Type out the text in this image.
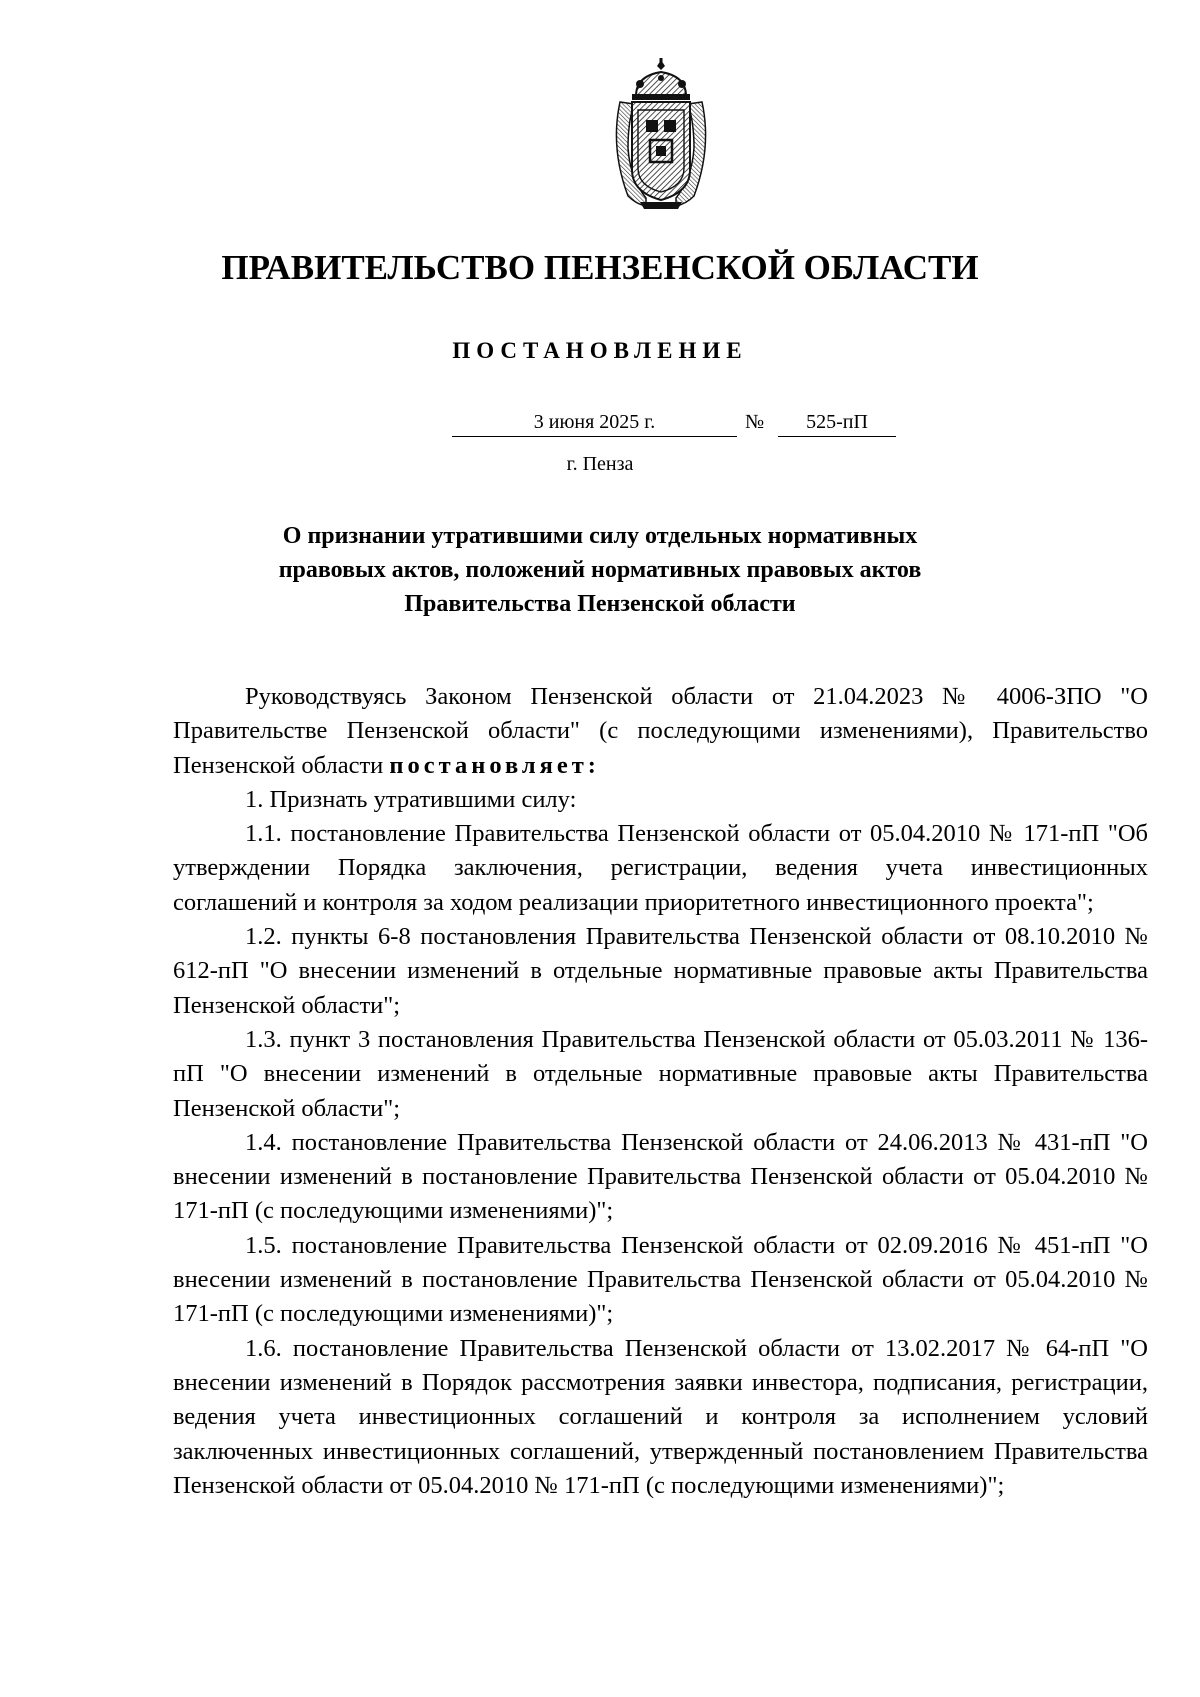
ПРАВИТЕЛЬСТВО ПЕНЗЕНСКОЙ ОБЛАСТИ
ПОСТАНОВЛЕНИЕ
3 июня 2025 г.	№	525-пП
г. Пенза
О признании утратившими силу отдельных нормативных
правовых актов, положений нормативных правовых актов
Правительства Пензенской области

Руководствуясь Законом Пензенской области от 21.04.2023 № 4006-ЗПО "О Правительстве Пензенской области" (с последующими изменениями), Правительство Пензенской области постановляет:

1. Признать утратившими силу:

1.1. постановление Правительства Пензенской области от 05.04.2010 № 171-пП "Об утверждении Порядка заключения, регистрации, ведения учета инвестиционных соглашений и контроля за ходом реализации приоритетного инвестиционного проекта";

1.2. пункты 6-8 постановления Правительства Пензенской области от 08.10.2010 № 612-пП "О внесении изменений в отдельные нормативные правовые акты Правительства Пензенской области";

1.3. пункт 3 постановления Правительства Пензенской области от 05.03.2011 № 136-пП "О внесении изменений в отдельные нормативные правовые акты Правительства Пензенской области";

1.4. постановление Правительства Пензенской области от 24.06.2013 № 431-пП "О внесении изменений в постановление Правительства Пензенской области от 05.04.2010 № 171-пП (с последующими изменениями)";

1.5. постановление Правительства Пензенской области от 02.09.2016 № 451-пП "О внесении изменений в постановление Правительства Пензенской области от 05.04.2010 № 171-пП (с последующими изменениями)";

1.6. постановление Правительства Пензенской области от 13.02.2017 № 64-пП "О внесении изменений в Порядок рассмотрения заявки инвестора, подписания, регистрации, ведения учета инвестиционных соглашений и контроля за исполнением условий заключенных инвестиционных соглашений, утвержденный постановлением Правительства Пензенской области от 05.04.2010 № 171-пП (с последующими изменениями)";
